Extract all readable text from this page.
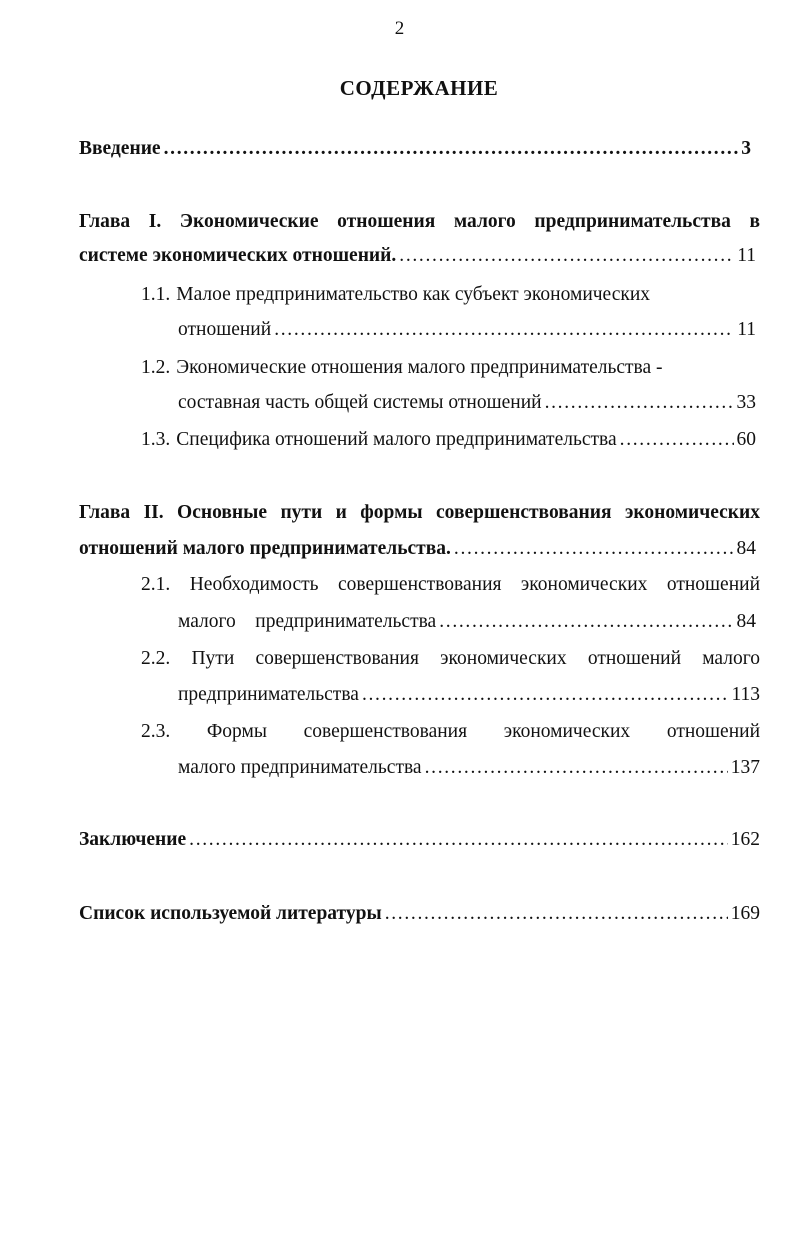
2
СОДЕРЖАНИЕ
Введение . . .	3
Глава I. Экономические отношения малого предпринимательства в
системе экономических отношений. . . .	11
1.1. Малое предпринимательство как субъект экономических
отношений . . .	11
1.2. Экономические отношения малого предпринимательства -
составная часть общей системы отношений . . .	33
1.3. Специфика отношений малого предпринимательства . . .	60
Глава II. Основные пути и формы совершенствования экономических
отношений малого предпринимательства. . . .	84
2.1. Необходимость совершенствования экономических отношений
малого    предпринимательства . . .	84
2.2. Пути совершенствования экономических отношений малого
предпринимательства . . .	113
2.3. Формы совершенствования экономических отношений
малого предпринимательства . . .	137
Заключение . . .	162
Список используемой литературы . . .	169
